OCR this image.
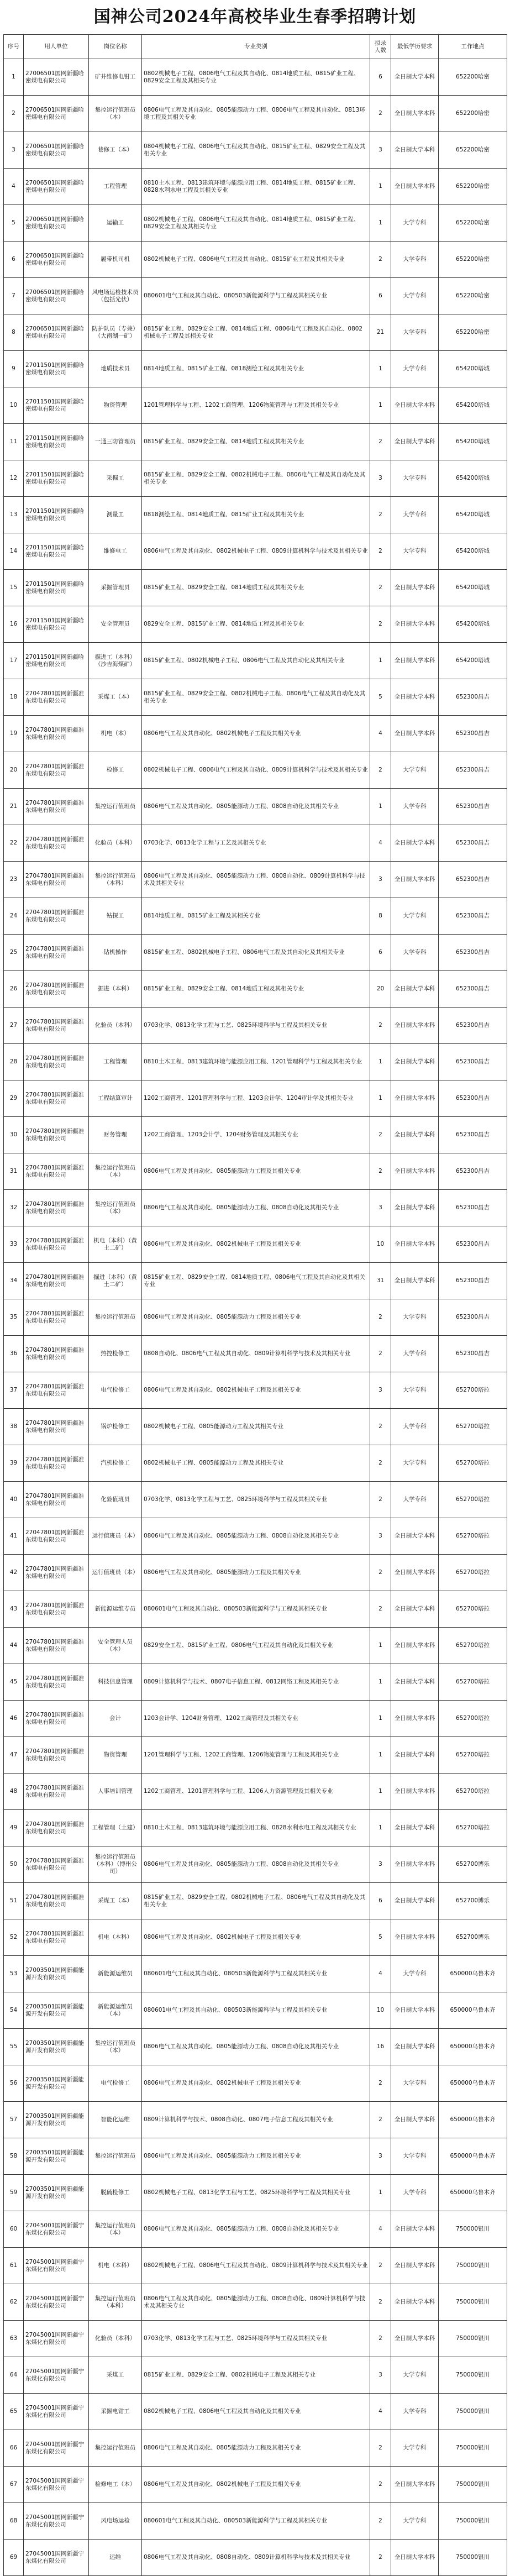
国神公司2024年高校毕业生春季招聘计划
序号	用人单位	岗位名称	专业类别	拟录人数	最低学历要求	工作地点
1	27006501国网新疆哈密煤电有限公司	矿井维修电钳工	0802机械电子工程、0806电气工程及其自动化、0814地质工程、0815矿业工程、0829安全工程及其相关专业	6	全日制大学本科	652200哈密
2	27006501国网新疆哈密煤电有限公司	集控运行值班员（本）	0806电气工程及其自动化、0805能源动力工程、0806电气工程及其自动化、0813环境工程及其相关专业	2	全日制大学本科	652200哈密
3	27006501国网新疆哈密煤电有限公司	巷修工（本）	0804机械电子工程、0806电气工程及其自动化、0815矿业工程、0829安全工程及其相关专业	3	全日制大学本科	652200哈密
4	27006501国网新疆哈密煤电有限公司	工程管理	0810土木工程、0813建筑环境与能源应用工程、0814地质工程、0815矿业工程、0828水利水电工程及其相关专业	1	全日制大学本科	652200哈密
5	27006501国网新疆哈密煤电有限公司	运输工	0802机械电子工程、0806电气工程及其自动化、0814地质工程、0815矿业工程、0829安全工程及其相关专业	1	大学专科	652200哈密
6	27006501国网新疆哈密煤电有限公司	履带机司机	0802机械电子工程、0806电气工程及其自动化、0815矿业工程及其相关专业	2	大学专科	652200哈密
7	27006501国网新疆哈密煤电有限公司	风电场运检技术员（包括光伏）	080601电气工程及其自动化、080503新能源科学与工程及其相关专业	6	大学专科	652200哈密
8	27006501国网新疆哈密煤电有限公司	防护队员（专兼）（大南湖一矿）	0815矿业工程、0829安全工程、0814地质工程、0806电气工程及其自动化、0802机械电子工程及其相关专业	21	大学专科	652200哈密
9	27011501国网新疆哈密煤电有限公司	地质技术员	0814地质工程、0815矿业工程、0818测绘工程及其相关专业	1	大学专科	654200塔城
10	27011501国网新疆哈密煤电有限公司	物资管理	1201管理科学与工程、1202工商管理、1206物流管理与工程及其相关专业	1	全日制大学本科	654200塔城
11	27011501国网新疆哈密煤电有限公司	一通三防管理员	0815矿业工程、0829安全工程、0814地质工程及其相关专业	2	全日制大学本科	654200塔城
12	27011501国网新疆哈密煤电有限公司	采掘工	0815矿业工程、0829安全工程、0802机械电子工程、0806电气工程及其自动化及其相关专业	3	大学专科	654200塔城
13	27011501国网新疆哈密煤电有限公司	测量工	0818测绘工程、0814地质工程、0815矿业工程及其相关专业	2	大学专科	654200塔城
14	27011501国网新疆哈密煤电有限公司	维修电工	0806电气工程及其自动化、0802机械电子工程、0809计算机科学与技术及其相关专业	2	大学专科	654200塔城
15	27011501国网新疆哈密煤电有限公司	采掘管理员	0815矿业工程、0829安全工程、0814地质工程及其相关专业	2	全日制大学本科	654200塔城
16	27011501国网新疆哈密煤电有限公司	安全管理员	0829安全工程、0815矿业工程、0814地质工程及其相关专业	2	全日制大学本科	654200塔城
17	27011501国网新疆哈密煤电有限公司	掘进工（本科）（沙吉海煤矿）	0815矿业工程、0802机械电子工程、0806电气工程及其自动化及其相关专业	1	全日制大学本科	654200塔城
18	27047801国网新疆准东煤电有限公司	采煤工（本）	0815矿业工程、0829安全工程、0802机械电子工程、0806电气工程及其自动化及其相关专业	5	全日制大学本科	652300昌吉
19	27047801国网新疆准东煤电有限公司	机电（本）	0806电气工程及其自动化、0802机械电子工程及其相关专业	4	全日制大学本科	652300昌吉
20	27047801国网新疆准东煤电有限公司	检修工	0802机械电子工程、0806电气工程及其自动化、0809计算机科学与技术及其相关专业	2	大学专科	652300昌吉
21	27047801国网新疆准东煤电有限公司	集控运行值班员	0806电气工程及其自动化、0805能源动力工程、0808自动化及其相关专业	1	大学专科	652300昌吉
22	27047801国网新疆准东煤电有限公司	化验员（本科）	0703化学、0813化学工程与工艺及其相关专业	4	全日制大学本科	652300昌吉
23	27047801国网新疆准东煤电有限公司	集控运行值班员（本科）	0806电气工程及其自动化、0805能源动力工程、0808自动化、0809计算机科学与技术及其相关专业	3	全日制大学本科	652300昌吉
24	27047801国网新疆准东煤电有限公司	钻探工	0814地质工程、0815矿业工程及其相关专业	8	大学专科	652300昌吉
25	27047801国网新疆准东煤电有限公司	钻机操作	0815矿业工程、0802机械电子工程、0806电气工程及其自动化及其相关专业	6	大学专科	652300昌吉
26	27047801国网新疆准东煤电有限公司	掘进（本科）	0815矿业工程、0829安全工程、0814地质工程及其相关专业	20	全日制大学本科	652300昌吉
27	27047801国网新疆准东煤电有限公司	化验员（本科）	0703化学、0813化学工程与工艺、0825环境科学与工程及其相关专业	2	全日制大学本科	652300昌吉
28	27047801国网新疆准东煤电有限公司	工程管理	0810土木工程、0813建筑环境与能源应用工程、1201管理科学与工程及其相关专业	1	全日制大学本科	652300昌吉
29	27047801国网新疆准东煤电有限公司	工程结算审计	1202工商管理、1201管理科学与工程、1203会计学、1204审计学及其相关专业	1	全日制大学本科	652300昌吉
30	27047801国网新疆准东煤电有限公司	财务管理	1202工商管理、1203会计学、1204财务管理及其相关专业	2	全日制大学本科	652300昌吉
31	27047801国网新疆准东煤电有限公司	集控运行值班员（本）	0806电气工程及其自动化、0805能源动力工程及其相关专业	2	全日制大学本科	652300昌吉
32	27047801国网新疆准东煤电有限公司	集控运行值班员（本）	0806电气工程及其自动化、0805能源动力工程、0808自动化及其相关专业	3	全日制大学本科	652300昌吉
33	27047801国网新疆准东煤电有限公司	机电（本科）（黄土二矿）	0806电气工程及其自动化、0802机械电子工程及其相关专业	10	全日制大学本科	652300昌吉
34	27047801国网新疆准东煤电有限公司	掘进（本科）（黄土二矿）	0815矿业工程、0829安全工程、0814地质工程、0806电气工程及其自动化及其相关专业	31	全日制大学本科	652300昌吉
35	27047801国网新疆准东煤电有限公司	集控运行值班员	0806电气工程及其自动化、0805能源动力工程及其相关专业	2	大学专科	652300昌吉
36	27047801国网新疆准东煤电有限公司	热控检修工	0808自动化、0806电气工程及其自动化、0809计算机科学与技术及其相关专业	2	大学专科	652300昌吉
37	27047801国网新疆准东煤电有限公司	电气检修工	0806电气工程及其自动化、0802机械电子工程及其相关专业	3	大学专科	652700塔拉
38	27047801国网新疆准东煤电有限公司	锅炉检修工	0802机械电子工程、0805能源动力工程及其相关专业	2	大学专科	652700塔拉
39	27047801国网新疆准东煤电有限公司	汽机检修工	0802机械电子工程、0805能源动力工程及其相关专业	2	大学专科	652700塔拉
40	27047801国网新疆准东煤电有限公司	化验值班员	0703化学、0813化学工程与工艺、0825环境科学与工程及其相关专业	2	大学专科	652700塔拉
41	27047801国网新疆准东煤电有限公司	运行值班员（本）	0806电气工程及其自动化、0805能源动力工程、0808自动化及其相关专业	3	全日制大学本科	652700塔拉
42	27047801国网新疆准东煤电有限公司	运行值班员（本）	0806电气工程及其自动化、0805能源动力工程及其相关专业	2	全日制大学本科	652700塔拉
43	27047801国网新疆准东煤电有限公司	新能源运维专员	080601电气工程及其自动化、080503新能源科学与工程及其相关专业	2	全日制大学本科	652700塔拉
44	27047801国网新疆准东煤电有限公司	安全管理人员（本）	0829安全工程、0815矿业工程、0806电气工程及其自动化及其相关专业	1	全日制大学本科	652700塔拉
45	27047801国网新疆准东煤电有限公司	科技信息管理	0809计算机科学与技术、0807电子信息工程、0812网络工程及其相关专业	1	全日制大学本科	652700塔拉
46	27047801国网新疆准东煤电有限公司	会计	1203会计学、1204财务管理、1202工商管理及其相关专业	1	全日制大学本科	652700塔拉
47	27047801国网新疆准东煤电有限公司	物资管理	1201管理科学与工程、1202工商管理、1206物流管理与工程及其相关专业	1	全日制大学本科	652700塔拉
48	27047801国网新疆准东煤电有限公司	人事培训管理	1202工商管理、1201管理科学与工程、1206人力资源管理及其相关专业	1	全日制大学本科	652700塔拉
49	27047801国网新疆准东煤电有限公司	工程管理（土建）	0810土木工程、0813建筑环境与能源应用工程、0828水利水电工程及其相关专业	1	全日制大学本科	652700塔拉
50	27047801国网新疆准东煤电有限公司	集控运行值班员（本科）（博州公司）	0806电气工程及其自动化、0805能源动力工程、0808自动化及其相关专业	3	全日制大学本科	652700博乐
51	27047801国网新疆准东煤电有限公司	采煤工（本）	0815矿业工程、0829安全工程、0802机械电子工程、0806电气工程及其自动化及其相关专业	6	全日制大学本科	652700博乐
52	27047801国网新疆准东煤电有限公司	机电（本科）	0806电气工程及其自动化、0802机械电子工程及其相关专业	5	全日制大学本科	652700博乐
53	27003501国网新疆能源开发有限公司	新能源运维员	080601电气工程及其自动化、080503新能源科学与工程及其相关专业	4	大学专科	650000乌鲁木齐
54	27003501国网新疆能源开发有限公司	新能源运维员（本）	080601电气工程及其自动化、080503新能源科学与工程及其相关专业	10	全日制大学本科	650000乌鲁木齐
55	27003501国网新疆能源开发有限公司	集控运行值班员（本）	0806电气工程及其自动化、0805能源动力工程、0808自动化及其相关专业	16	全日制大学本科	650000乌鲁木齐
56	27003501国网新疆能源开发有限公司	电气检修工	0806电气工程及其自动化、0802机械电子工程及其相关专业	2	大学专科	650000乌鲁木齐
57	27003501国网新疆能源开发有限公司	智能化运维	0809计算机科学与技术、0808自动化、0807电子信息工程及其相关专业	2	全日制大学本科	650000乌鲁木齐
58	27003501国网新疆能源开发有限公司	集控运行值班员	0806电气工程及其自动化、0805能源动力工程及其相关专业	3	大学专科	650000乌鲁木齐
59	27003501国网新疆能源开发有限公司	脱硫检修工	0802机械电子工程、0813化学工程与工艺、0825环境科学与工程及其相关专业	1	大学专科	650000乌鲁木齐
60	27045001国网新疆宁东煤化有限公司	集控运行值班员（本）	0806电气工程及其自动化、0805能源动力工程、0808自动化及其相关专业	4	全日制大学本科	750000银川
61	27045001国网新疆宁东煤化有限公司	机电（本科）	0802机械电子工程、0806电气工程及其自动化、0809计算机科学与技术及其相关专业	2	全日制大学本科	750000银川
62	27045001国网新疆宁东煤化有限公司	集控运行值班员（本科）	0806电气工程及其自动化、0805能源动力工程、0808自动化、0809计算机科学与技术及其相关专业	2	全日制大学本科	750000银川
63	27045001国网新疆宁东煤化有限公司	化验员（本科）	0703化学、0813化学工程与工艺、0825环境科学与工程及其相关专业	2	全日制大学本科	750000银川
64	27045001国网新疆宁东煤化有限公司	采煤工	0815矿业工程、0829安全工程、0802机械电子工程及其相关专业	3	大学专科	750000银川
65	27045001国网新疆宁东煤化有限公司	采掘电钳工	0802机械电子工程、0806电气工程及其自动化及其相关专业	4	大学专科	750000银川
66	27045001国网新疆宁东煤化有限公司	集控运行值班员	0806电气工程及其自动化、0805能源动力工程及其相关专业	2	大学专科	750000银川
67	27045001国网新疆宁东煤化有限公司	检修电工（本）	0806电气工程及其自动化、0802机械电子工程及其相关专业	2	全日制大学本科	750000银川
68	27045001国网新疆宁东煤化有限公司	风电场运检	080601电气工程及其自动化、080503新能源科学与工程及其相关专业	2	大学专科	750000银川
69	27045001国网新疆宁东煤化有限公司	运维	0806电气工程及其自动化、0808自动化、0809计算机科学与技术及其相关专业	2	全日制大学本科	750000银川
